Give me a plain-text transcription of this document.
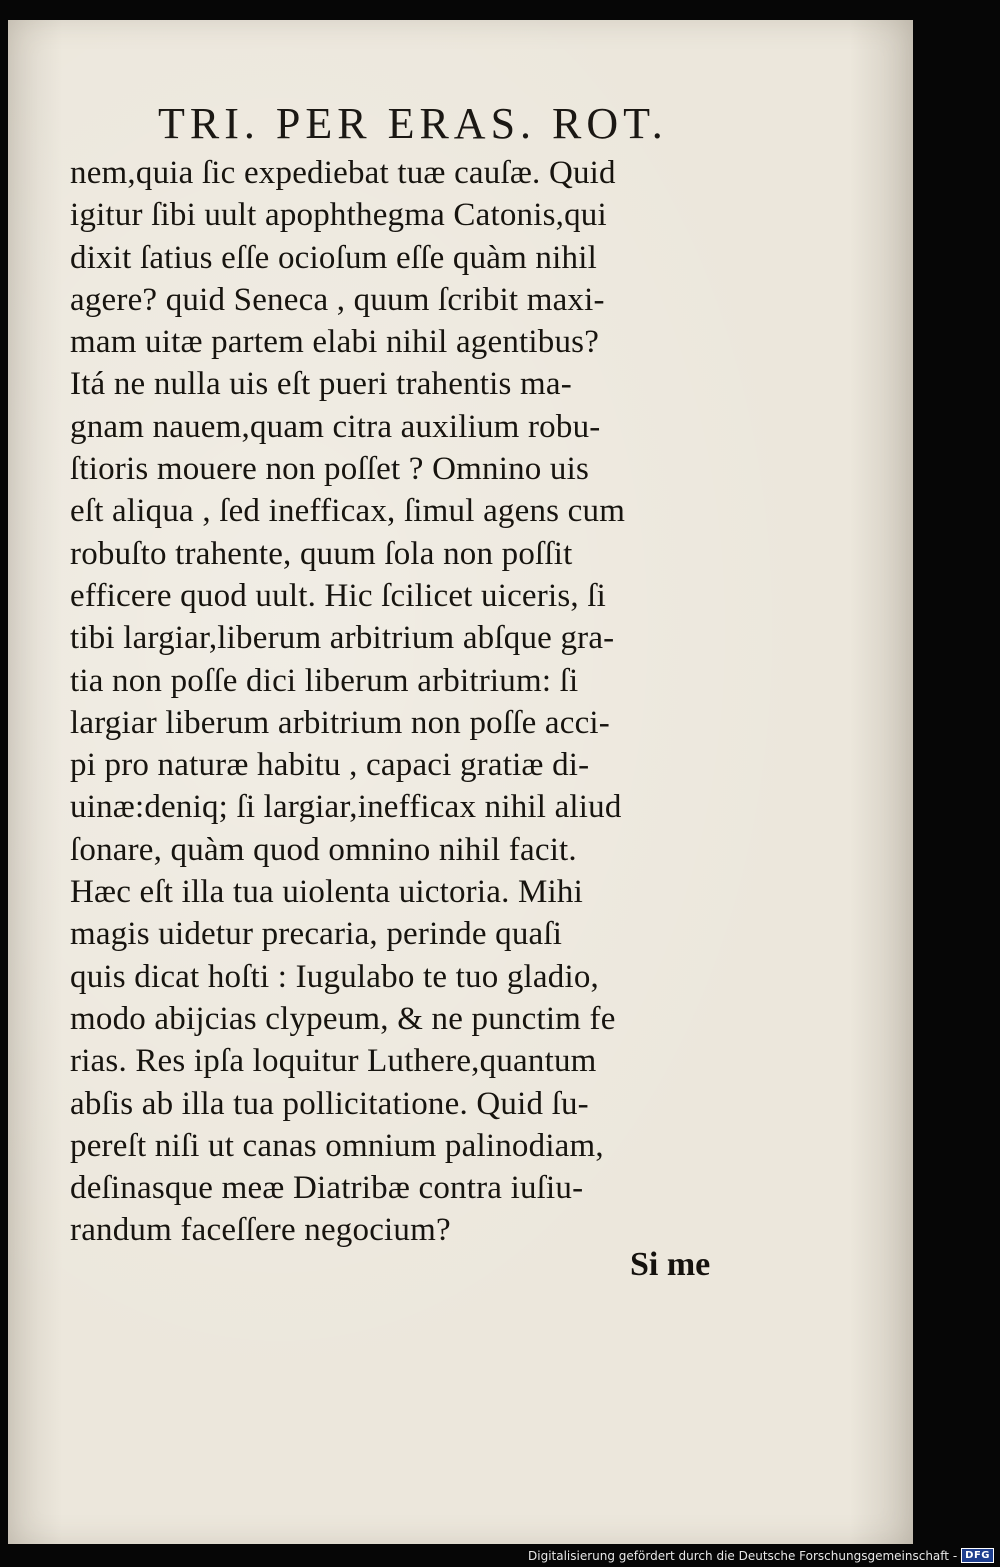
TRI. PER ERAS. ROT.
nem,quia ſic expediebat tuæ cauſæ. Quid
igitur ſibi uult apophthegma Catonis,qui
dixit ſatius eſſe ocioſum eſſe quàm nihil
agere? quid Seneca , quum ſcribit maxi-
mam uitæ partem elabi nihil agentibus?
Itá ne nulla uis eſt pueri trahentis ma-
gnam nauem,quam citra auxilium robu-
ſtioris mouere non poſſet ? Omnino uis
eſt aliqua , ſed inefficax, ſimul agens cum
robuſto trahente, quum ſola non poſſit
efficere quod uult. Hic ſcilicet uiceris, ſi
tibi largiar,liberum arbitrium abſque gra-
tia non poſſe dici liberum arbitrium: ſi
largiar liberum arbitrium non poſſe acci-
pi pro naturæ habitu , capaci gratiæ di-
uinæ:deniq; ſi largiar,inefficax nihil aliud
ſonare, quàm quod omnino nihil facit.
Hæc eſt illa tua uiolenta uictoria. Mihi
magis uidetur precaria, perinde quaſi
quis dicat hoſti : Iugulabo te tuo gladio,
modo abijcias clypeum, & ne punctim fe
rias. Res ipſa loquitur Luthere,quantum
abſis ab illa tua pollicitatione. Quid ſu-
pereſt niſi ut canas omnium palinodiam,
deſinasque meæ Diatribæ contra iuſiu-
randum faceſſere negocium?
Si me
Digitalisierung gefördert durch die Deutsche Forschungsgemeinschaft - DFG
